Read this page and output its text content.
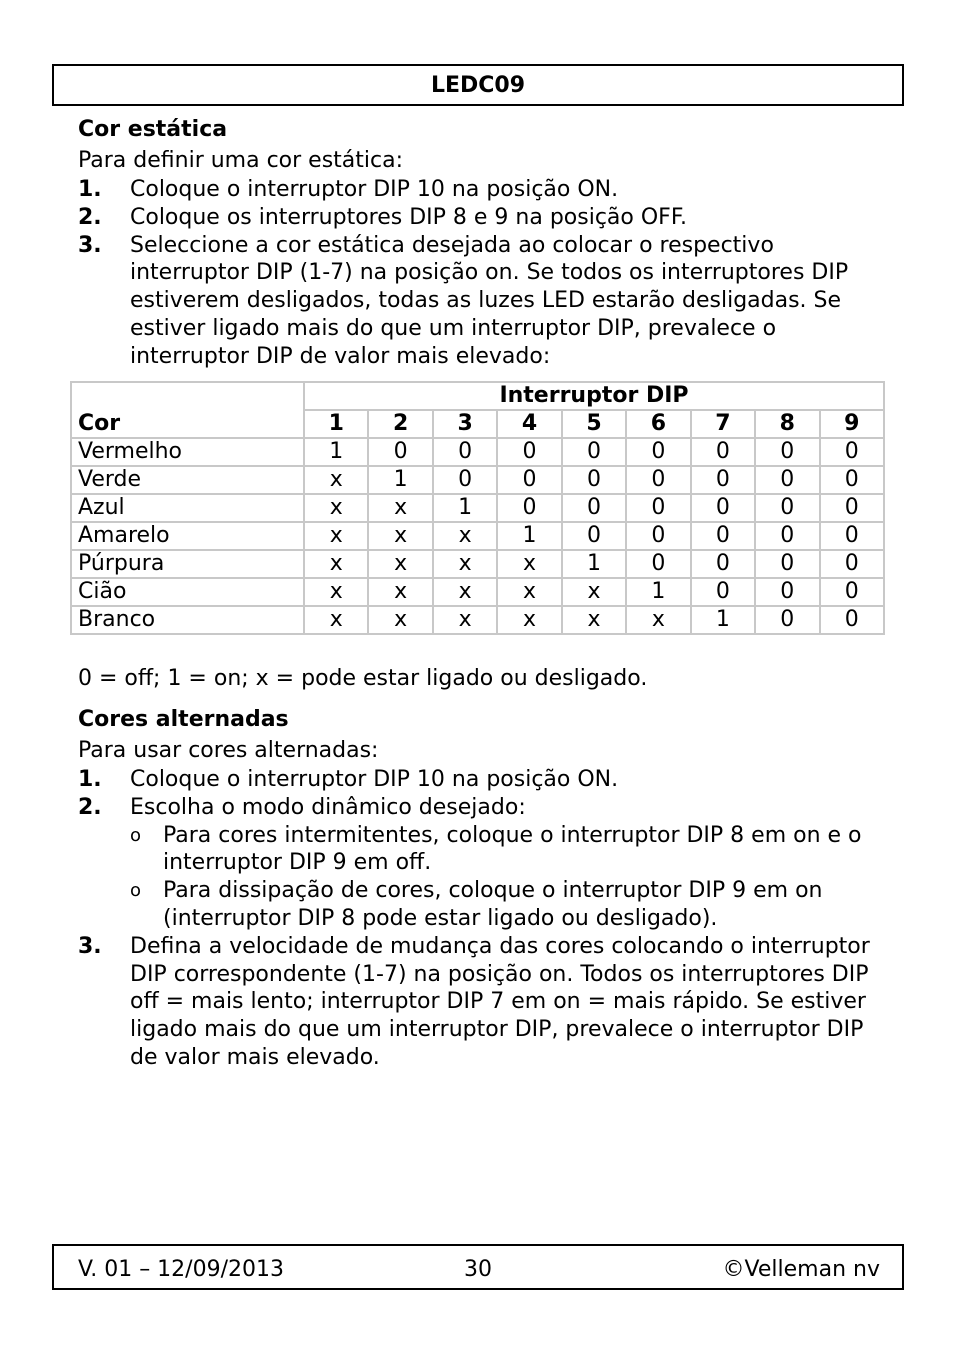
LEDC09
Cor estática

Para definir uma cor estática:

1. Coloque o interruptor DIP 10 na posição ON.
2. Coloque os interruptores DIP 8 e 9 na posição OFF.
3. Seleccione a cor estática desejada ao colocar o respectivo interruptor DIP (1-7) na posição on. Se todos os interruptores DIP estiverem desligados, todas as luzes LED estarão desligadas. Se estiver ligado mais do que um interruptor DIP, prevalece o interruptor DIP de valor mais elevado:
Cor	Interruptor DIP								
	1	2	3	4	5	6	7	8	9
Vermelho	1	0	0	0	0	0	0	0	0
Verde	x	1	0	0	0	0	0	0	0
Azul	x	x	1	0	0	0	0	0	0
Amarelo	x	x	x	1	0	0	0	0	0
Púrpura	x	x	x	x	1	0	0	0	0
Cião	x	x	x	x	x	1	0	0	0
Branco	x	x	x	x	x	x	1	0	0
0 = off; 1 = on; x = pode estar ligado ou desligado.
Cores alternadas

Para usar cores alternadas:

1. Coloque o interruptor DIP 10 na posição ON.
2. Escolha o modo dinâmico desejado:
o Para cores intermitentes, coloque o interruptor DIP 8 em on e o interruptor DIP 9 em off.
o Para dissipação de cores, coloque o interruptor DIP 9 em on (interruptor DIP 8 pode estar ligado ou desligado).
3. Defina a velocidade de mudança das cores colocando o interruptor DIP correspondente (1-7) na posição on. Todos os interruptores DIP off = mais lento; interruptor DIP 7 em on = mais rápido. Se estiver ligado mais do que um interruptor DIP, prevalece o interruptor DIP de valor mais elevado.
V. 01 – 12/09/2013	30	©Velleman nv
